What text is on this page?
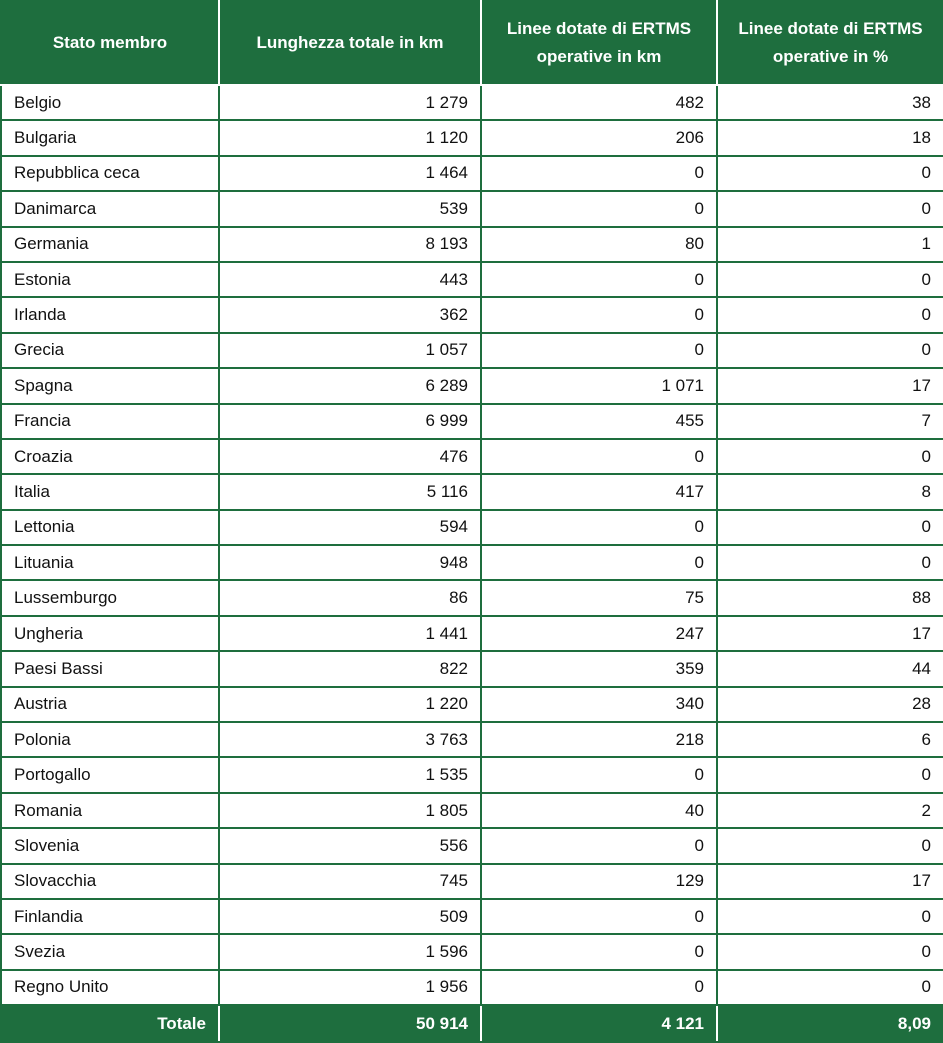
Stato membro	Lunghezza totale in km	Linee dotate di ERTMS operative in km	Linee dotate di ERTMS operative in %
Belgio	1 279	482	38
Bulgaria	1 120	206	18
Repubblica ceca	1 464	0	0
Danimarca	539	0	0
Germania	8 193	80	1
Estonia	443	0	0
Irlanda	362	0	0
Grecia	1 057	0	0
Spagna	6 289	1 071	17
Francia	6 999	455	7
Croazia	476	0	0
Italia	5 116	417	8
Lettonia	594	0	0
Lituania	948	0	0
Lussemburgo	86	75	88
Ungheria	1 441	247	17
Paesi Bassi	822	359	44
Austria	1 220	340	28
Polonia	3 763	218	6
Portogallo	1 535	0	0
Romania	1 805	40	2
Slovenia	556	0	0
Slovacchia	745	129	17
Finlandia	509	0	0
Svezia	1 596	0	0
Regno Unito	1 956	0	0
Totale	50 914	4 121	8,09
